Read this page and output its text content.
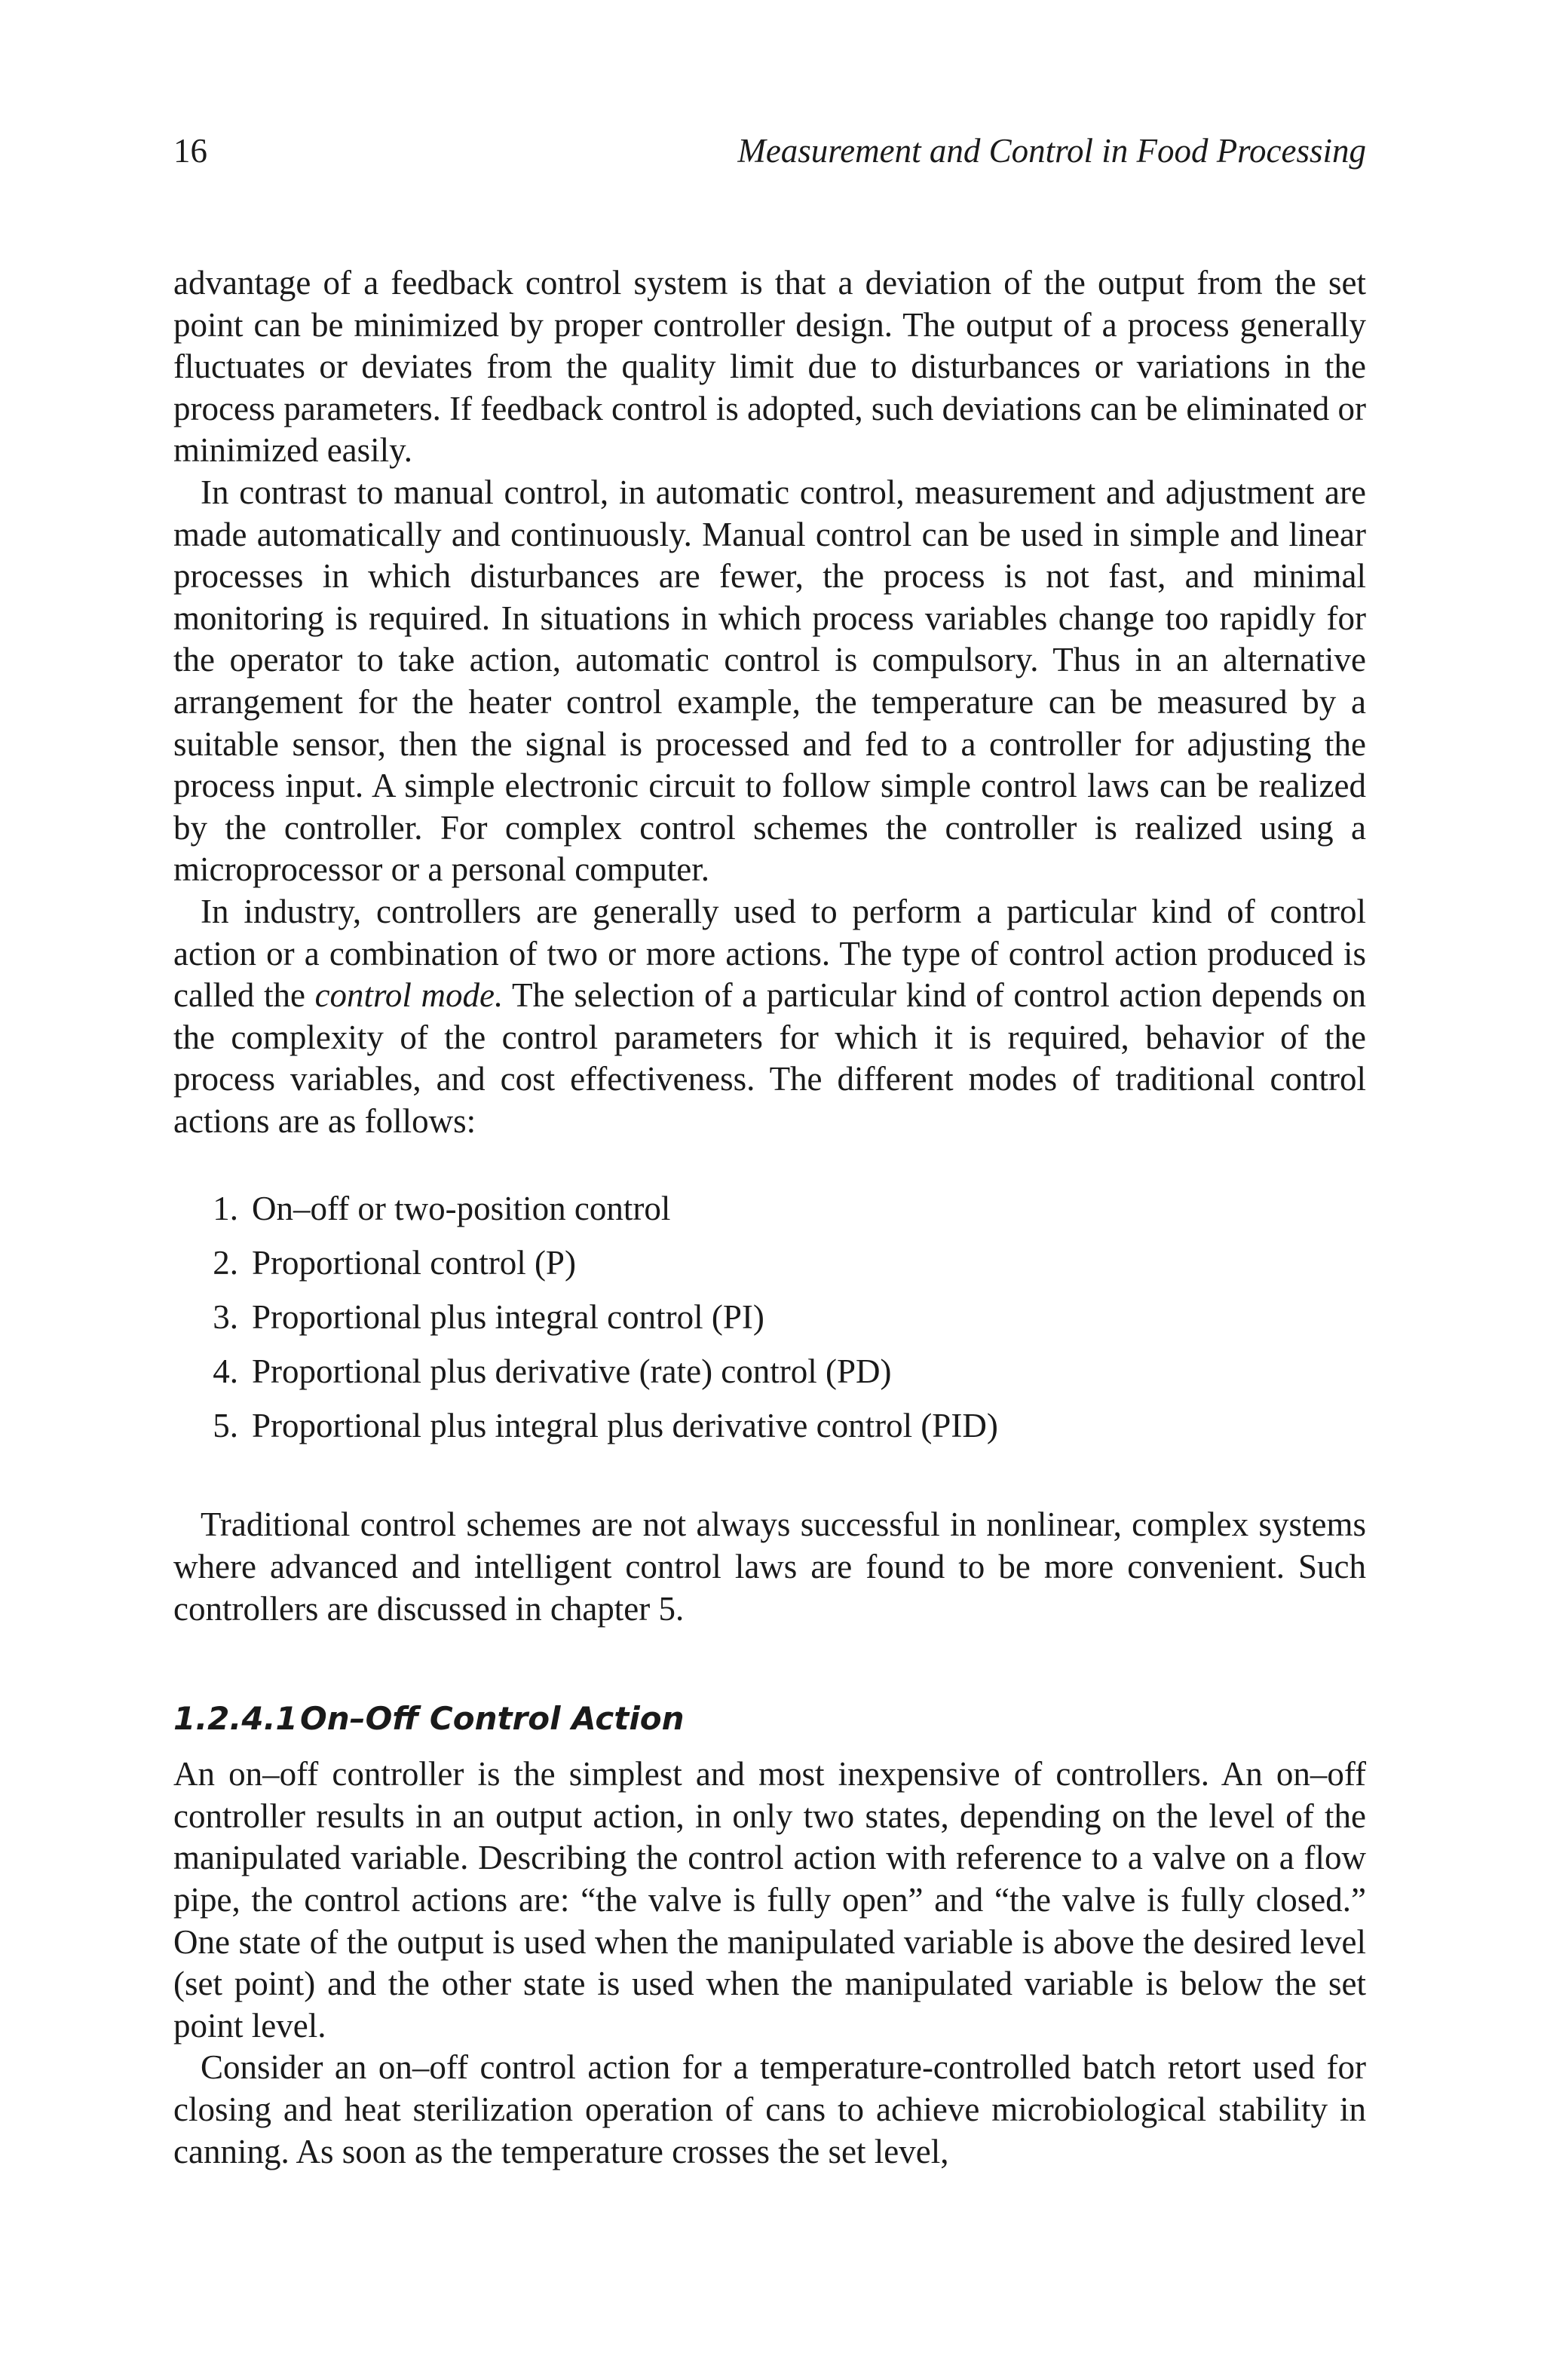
16	Measurement and Control in Food Processing

advantage of a feedback control system is that a deviation of the output from the set point can be minimized by proper controller design. The output of a process generally fluctuates or deviates from the quality limit due to disturbances or variations in the process parameters. If feedback control is adopted, such deviations can be eliminated or minimized easily.

In contrast to manual control, in automatic control, measurement and adjustment are made automatically and continuously. Manual control can be used in simple and linear processes in which disturbances are fewer, the process is not fast, and minimal monitoring is required. In situations in which process variables change too rapidly for the operator to take action, automatic control is compulsory. Thus in an alternative arrangement for the heater control example, the temperature can be measured by a suitable sensor, then the signal is processed and fed to a controller for adjusting the process input. A simple electronic circuit to follow simple control laws can be realized by the controller. For complex control schemes the controller is realized using a microprocessor or a personal computer.

In industry, controllers are generally used to perform a particular kind of control action or a combination of two or more actions. The type of control action produced is called the control mode. The selection of a particular kind of control action depends on the complexity of the control parameters for which it is required, behavior of the process variables, and cost effectiveness. The different modes of traditional control actions are as follows:

1. On–off or two-position control
2. Proportional control (P)
3. Proportional plus integral control (PI)
4. Proportional plus derivative (rate) control (PD)
5. Proportional plus integral plus derivative control (PID)

Traditional control schemes are not always successful in nonlinear, complex systems where advanced and intelligent control laws are found to be more convenient. Such controllers are discussed in chapter 5.

1.2.4.1 On–Off Control Action

An on–off controller is the simplest and most inexpensive of controllers. An on–off controller results in an output action, in only two states, depending on the level of the manipulated variable. Describing the control action with reference to a valve on a flow pipe, the control actions are: “the valve is fully open” and “the valve is fully closed.” One state of the output is used when the manipulated variable is above the desired level (set point) and the other state is used when the manipulated variable is below the set point level.

Consider an on–off control action for a temperature-controlled batch retort used for closing and heat sterilization operation of cans to achieve microbiological stability in canning. As soon as the temperature crosses the set level,
